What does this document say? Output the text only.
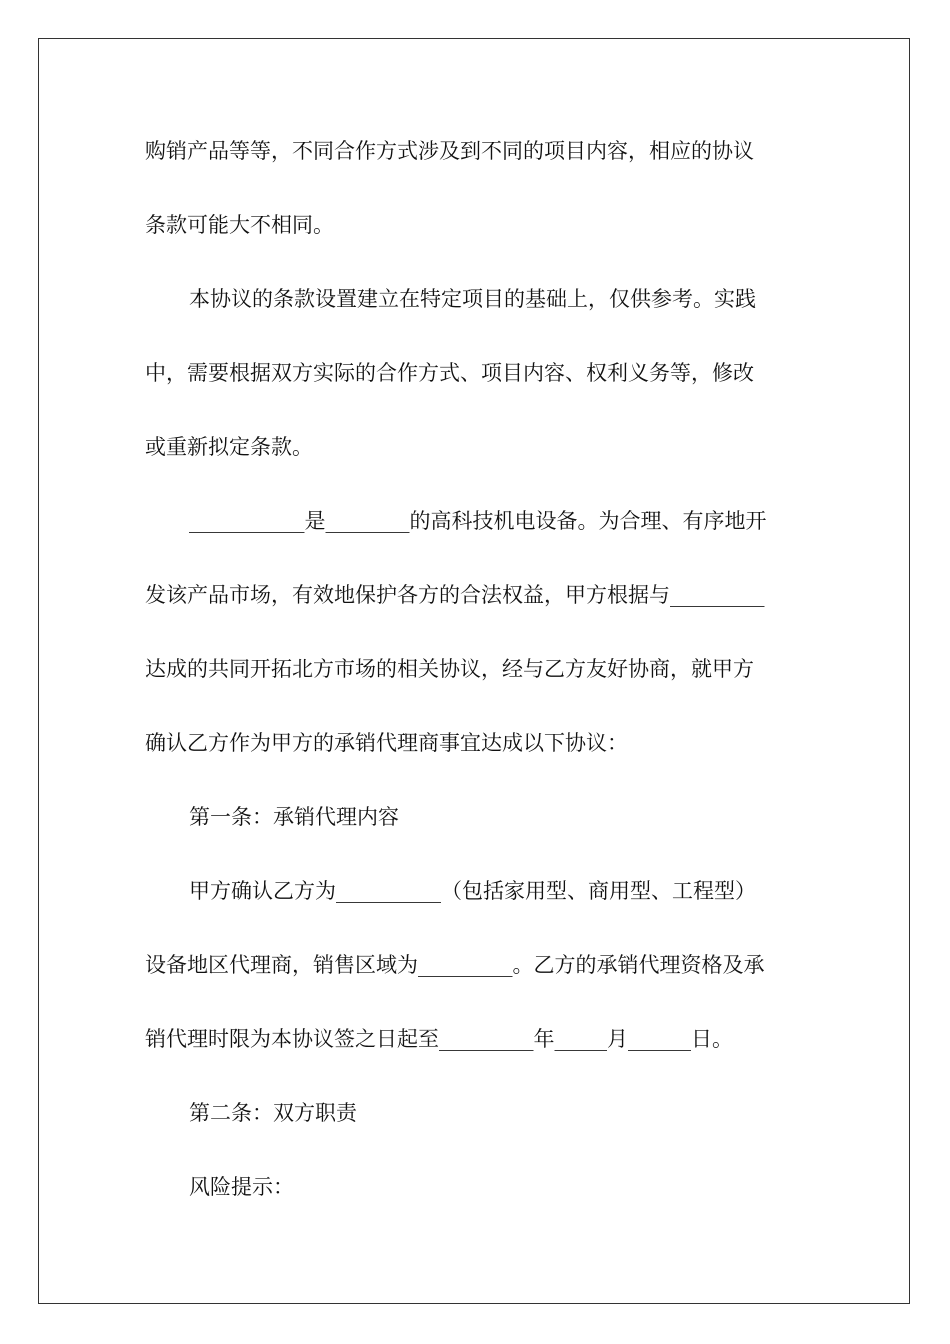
购销产品等等，不同合作方式涉及到不同的项目内容，相应的协议
条款可能大不相同。
本协议的条款设置建立在特定项目的基础上，仅供参考。实践
中，需要根据双方实际的合作方式、项目内容、权利义务等，修改
或重新拟定条款。
___________是________的高科技机电设备。为合理、有序地开
发该产品市场，有效地保护各方的合法权益，甲方根据与_________
达成的共同开拓北方市场的相关协议，经与乙方友好协商，就甲方
确认乙方作为甲方的承销代理商事宜达成以下协议：
第一条：承销代理内容
甲方确认乙方为__________（包括家用型、商用型、工程型）
设备地区代理商，销售区域为_________。乙方的承销代理资格及承
销代理时限为本协议签之日起至_________年_____月______日。
第二条：双方职责
风险提示：
